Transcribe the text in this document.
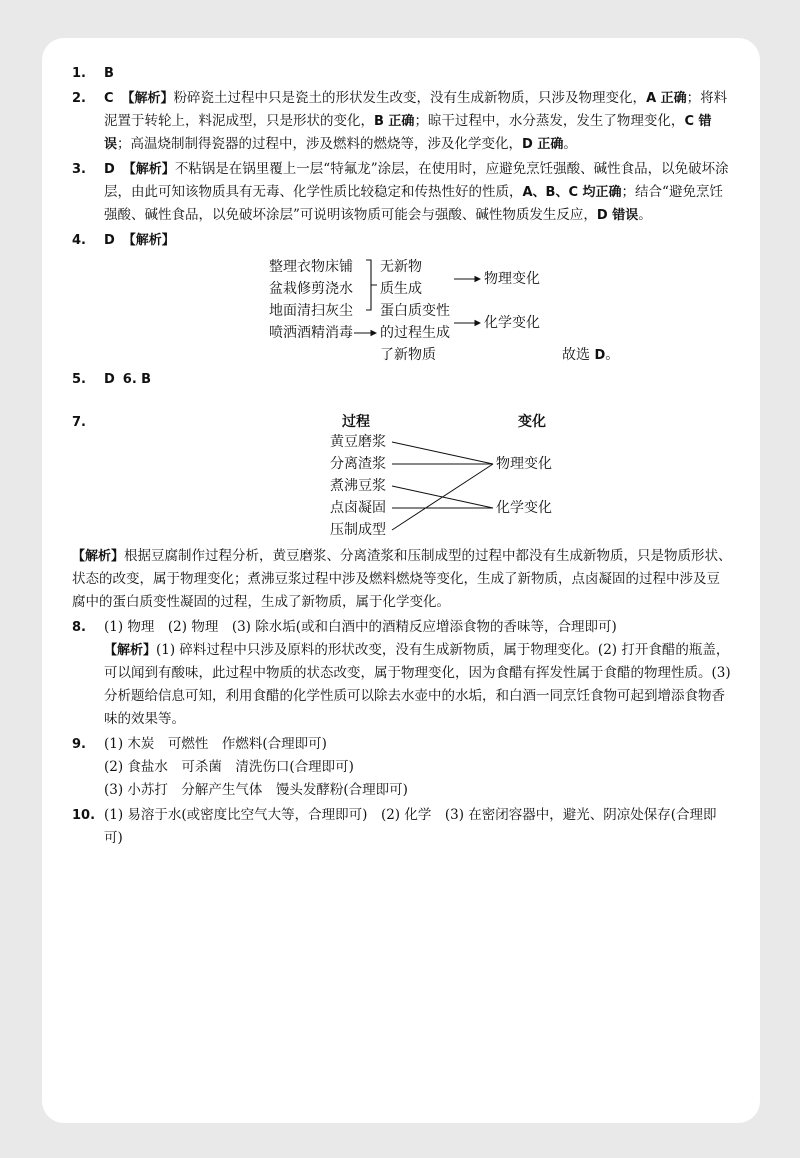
1. B

2. C 【解析】粉碎瓷土过程中只是瓷土的形状发生改变，没有生成新物质，只涉及物理变化，A 正确；将料泥置于转轮上，料泥成型，只是形状的变化，B 正确；晾干过程中，水分蒸发，发生了物理变化，C 错误；高温烧制制得瓷器的过程中，涉及燃料的燃烧等，涉及化学变化，D 正确。

3. D 【解析】不粘锅是在锅里覆上一层“特氟龙”涂层，在使用时，应避免烹饪强酸、碱性食品，以免破坏涂层，由此可知该物质具有无毒、化学性质比较稳定和传热性好的性质，A、B、C 均正确；结合“避免烹饪强酸、碱性食品，以免破坏涂层”可说明该物质可能会与强酸、碱性物质发生反应，D 错误。

4. D 【解析】
整理衣物床铺
盆栽修剪浇水
地面清扫灰尘
喷洒酒精消毒
无新物
质生成
蛋白质变性
的过程生成
了新物质
物理变化
化学变化
故选 D。

5. D 6. B

7.	过程	变化
黄豆磨浆
分离渣浆
煮沸豆浆
点卤凝固
压制成型
物理变化
化学变化

【解析】根据豆腐制作过程分析，黄豆磨浆、分离渣浆和压制成型的过程中都没有生成新物质，只是物质形状、状态的改变，属于物理变化；煮沸豆浆过程中涉及燃料燃烧等变化，生成了新物质，点卤凝固的过程中涉及豆腐中的蛋白质变性凝固的过程，生成了新物质，属于化学变化。

8. (1) 物理　(2) 物理　(3) 除水垢(或和白酒中的酒精反应增添食物的香味等，合理即可)
【解析】(1) 碎料过程中只涉及原料的形状改变，没有生成新物质，属于物理变化。(2) 打开食醋的瓶盖，可以闻到有酸味，此过程中物质的状态改变，属于物理变化，因为食醋有挥发性属于食醋的物理性质。(3) 分析题给信息可知，利用食醋的化学性质可以除去水壶中的水垢，和白酒一同烹饪食物可起到增添食物香味的效果等。
9. (1) 木炭　可燃性　作燃料(合理即可)
(2) 食盐水　可杀菌　清洗伤口(合理即可)
(3) 小苏打　分解产生气体　馒头发酵粉(合理即可)
10. (1) 易溶于水(或密度比空气大等，合理即可)　(2) 化学　(3) 在密闭容器中，避光、阴凉处保存(合理即可)
